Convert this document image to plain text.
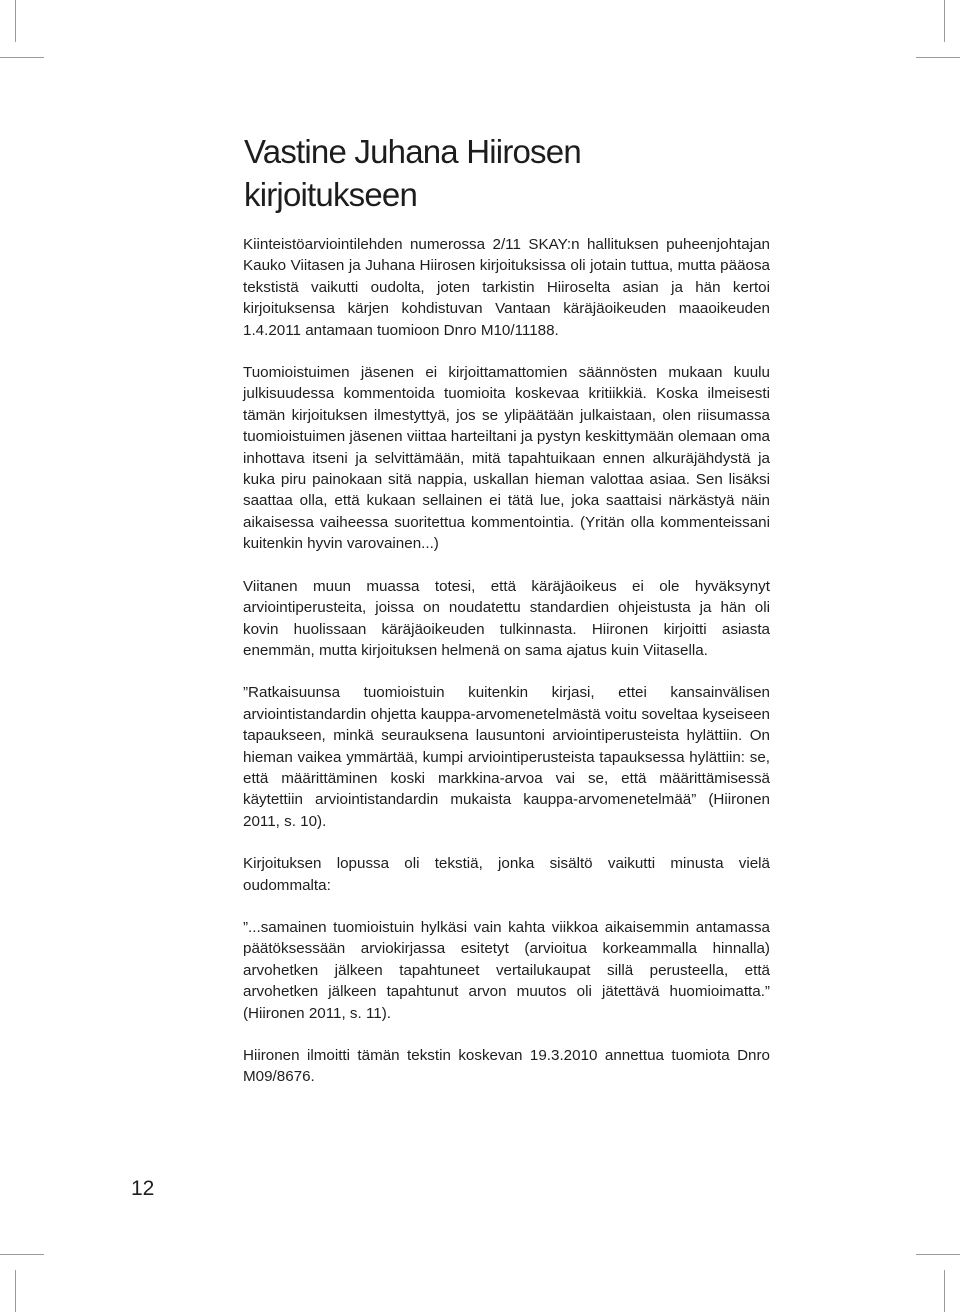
Vastine Juhana Hiirosen
kirjoitukseen

Kiinteistöarviointilehden numerossa 2/11 SKAY:n hallituksen puheenjohtajan Kauko Viitasen ja Juhana Hiirosen kirjoituksissa oli jotain tuttua, mutta pääosa tekstistä vaikutti oudolta, joten tarkistin Hiiroselta asian ja hän kertoi kirjoituksensa kärjen kohdistuvan Vantaan käräjäoikeuden maaoikeuden 1.4.2011 antamaan tuomioon Dnro M10/11188.

Tuomioistuimen jäsenen ei kirjoittamattomien säännösten mukaan kuulu julkisuudessa kommentoida tuomioita koskevaa kritiikkiä. Koska ilmeisesti tämän kirjoituksen ilmestyttyä, jos se ylipäätään julkaistaan, olen riisumassa tuomioistuimen jäsenen viittaa harteiltani ja pystyn keskittymään olemaan oma inhottava itseni ja selvittämään, mitä tapahtuikaan ennen alkuräjähdystä ja kuka piru painokaan sitä nappia, uskallan hieman valottaa asiaa. Sen lisäksi saattaa olla, että kukaan sellainen ei tätä lue, joka saattaisi närkästyä näin aikaisessa vaiheessa suoritettua kommentointia. (Yritän olla kommenteissani kuitenkin hyvin varovainen...)

Viitanen muun muassa totesi, että käräjäoikeus ei ole hyväksynyt arviointiperusteita, joissa on noudatettu standardien ohjeistusta ja hän oli kovin huolissaan käräjäoikeuden tulkinnasta. Hiironen kirjoitti asiasta enemmän, mutta kirjoituksen helmenä on sama ajatus kuin Viitasella.

”Ratkaisuunsa tuomioistuin kuitenkin kirjasi, ettei kansainvälisen arviointistandardin ohjetta kauppa-arvomenetelmästä voitu soveltaa kyseiseen tapaukseen, minkä seurauksena lausuntoni arviointiperusteista hylättiin. On hieman vaikea ymmärtää, kumpi arviointiperusteista tapauksessa hylättiin: se, että määrittäminen koski markkina-arvoa vai se, että määrittämisessä käytettiin arviointistandardin mukaista kauppa-arvomenetelmää” (Hiironen 2011, s. 10).

Kirjoituksen lopussa oli tekstiä, jonka sisältö vaikutti minusta vielä oudommalta:

”...samainen tuomioistuin hylkäsi vain kahta viikkoa aikaisemmin antamassa päätöksessään arviokirjassa esitetyt (arvioitua korkeammalla hinnalla) arvohetken jälkeen tapahtuneet vertailukaupat sillä perusteella, että arvohetken jälkeen tapahtunut arvon muutos oli jätettävä huomioimatta.” (Hiironen 2011, s. 11).

Hiironen ilmoitti tämän tekstin koskevan 19.3.2010 annettua tuomiota Dnro M09/8676.

12
